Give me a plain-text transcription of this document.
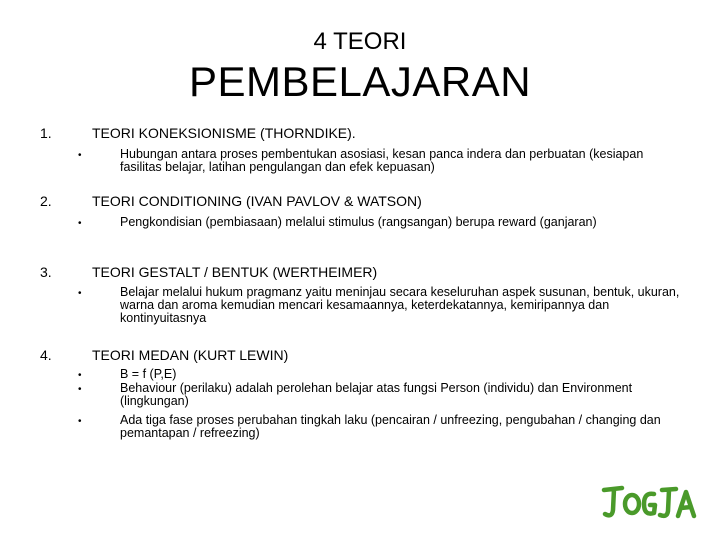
4 TEORI
PEMBELAJARAN
1.	TEORI KONEKSIONISME (THORNDIKE).
•	Hubungan antara proses pembentukan asosiasi, kesan panca indera dan perbuatan (kesiapan fasilitas belajar, latihan pengulangan dan efek kepuasan)
2.	TEORI CONDITIONING (IVAN PAVLOV & WATSON)
•	Pengkondisian (pembiasaan) melalui stimulus (rangsangan) berupa reward (ganjaran)
3.	TEORI GESTALT / BENTUK (WERTHEIMER)
•	Belajar melalui hukum pragmanz yaitu meninjau secara keseluruhan aspek susunan, bentuk, ukuran, warna dan aroma kemudian mencari kesamaannya, keterdekatannya, kemiripannya dan kontinyuitasnya
4.	TEORI MEDAN (KURT LEWIN)
•	B = f (P,E)
•	Behaviour (perilaku) adalah perolehan belajar atas fungsi Person (individu) dan Environment (lingkungan)
•	Ada tiga fase proses perubahan tingkah laku (pencairan / unfreezing, pengubahan / changing dan pemantapan / refreezing)
